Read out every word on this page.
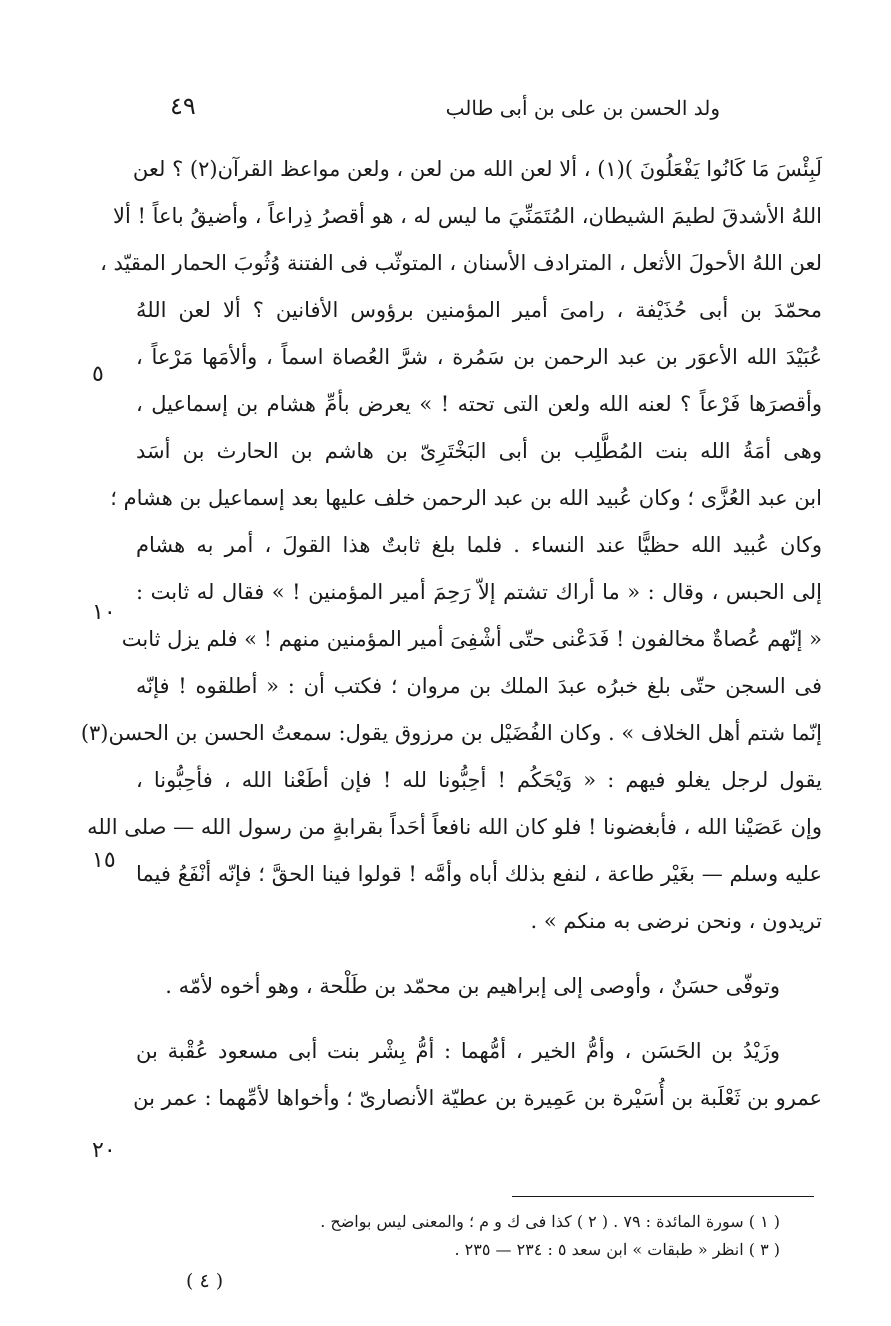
٤٩	ولد الحسن بن على بن أبى طالب
لَبِئْسَ مَا كَانُوا يَفْعَلُونَ )(١) ، ألا لعن الله من لعن ، ولعن مواعظ القرآن(٢) ؟ لعن
اللهُ الأشدقَ لطيمَ الشيطان، المُتَمَنِّيَ ما ليس له ، هو أقصرُ ذِراعاً ، وأضيقُ باعاً ! ألا
لعن اللهُ الأحولَ الأثعل ، المترادف الأسنان ، المتوثّب فى الفتنة وُثُوبَ الحمار المقيّد ،
محمّدَ بن أبى حُذَيْفة ، رامىَ أمير المؤمنين برؤوس الأفانين ؟ ألا لعن اللهُ
عُبَيْدَ الله الأعوَر بن عبد الرحمن بن سَمُرة ، شرَّ العُصاة اسماً ، وألأمَها مَرْعاً ،
وأقصرَها فَرْعاً ؟ لعنه الله ولعن التى تحته ! » يعرض بأمِّ هشام بن إسماعيل ،
وهى أمَةُ الله بنت المُطَّلِب بن أبى البَخْتَرِىّ بن هاشم بن الحارث بن أسَد
ابن عبد العُزَّى ؛ وكان عُبيد الله بن عبد الرحمن خلف عليها بعد إسماعيل بن هشام ؛
وكان عُبيد الله حظيًّا عند النساء . فلما بلغ ثابتٌ هذا القولَ ، أمر به هشام
إلى الحبس ، وقال : « ما أراك تشتم إلاّ رَحِمَ أمير المؤمنين ! » فقال له ثابت :
« إنّهم عُصاةٌ مخالفون ! فَدَعْنى حتّى أشْفِىَ أمير المؤمنين منهم ! » فلم يزل ثابت
فى السجن حتّى بلغ خبرُه عبدَ الملك بن مروان ؛ فكتب أن : « أطلقوه ! فإنّه
إنّما شتم أهل الخلاف » . وكان الفُضَيْل بن مرزوق يقول: سمعتُ الحسن بن الحسن(٣)
يقول لرجل يغلو فيهم : « وَيْحَكُم ! أحِبُّونا لله ! فإن أطَعْنا الله ، فأحِبُّونا ،
وإن عَصَيْنا الله ، فأبغضونا ! فلو كان الله نافعاً أحَداً بقرابةٍ من رسول الله — صلى الله
عليه وسلم — بغَيْر طاعة ، لنفع بذلك أباه وأمَّه ! قولوا فينا الحقَّ ؛ فإنّه أنْفَعُ فيما
تريدون ، ونحن نرضى به منكم » .
وتوفّى حسَنٌ ، وأوصى إلى إبراهيم بن محمّد بن طَلْحة ، وهو أخوه لأمّه .
وزَيْدُ بن الحَسَن ، وأمُّ الخير ، أمُّهما : أمُّ بِشْر بنت أبى مسعود عُقْبة بن
عمرو بن ثَعْلَبة بن أُسَيْرة بن عَمِيرة بن عطيّة الأنصارىّ ؛ وأخواها لأمِّهما : عمر بن
٥
١٠
١٥
٢٠
( ١ ) سورة المائدة : ٧٩ . ( ٢ ) كذا فى ك و م ؛ والمعنى ليس بواضح .
( ٣ ) انظر « طبقات » ابن سعد ٥ : ٢٣٤ — ٢٣٥ .
( ٤ )
